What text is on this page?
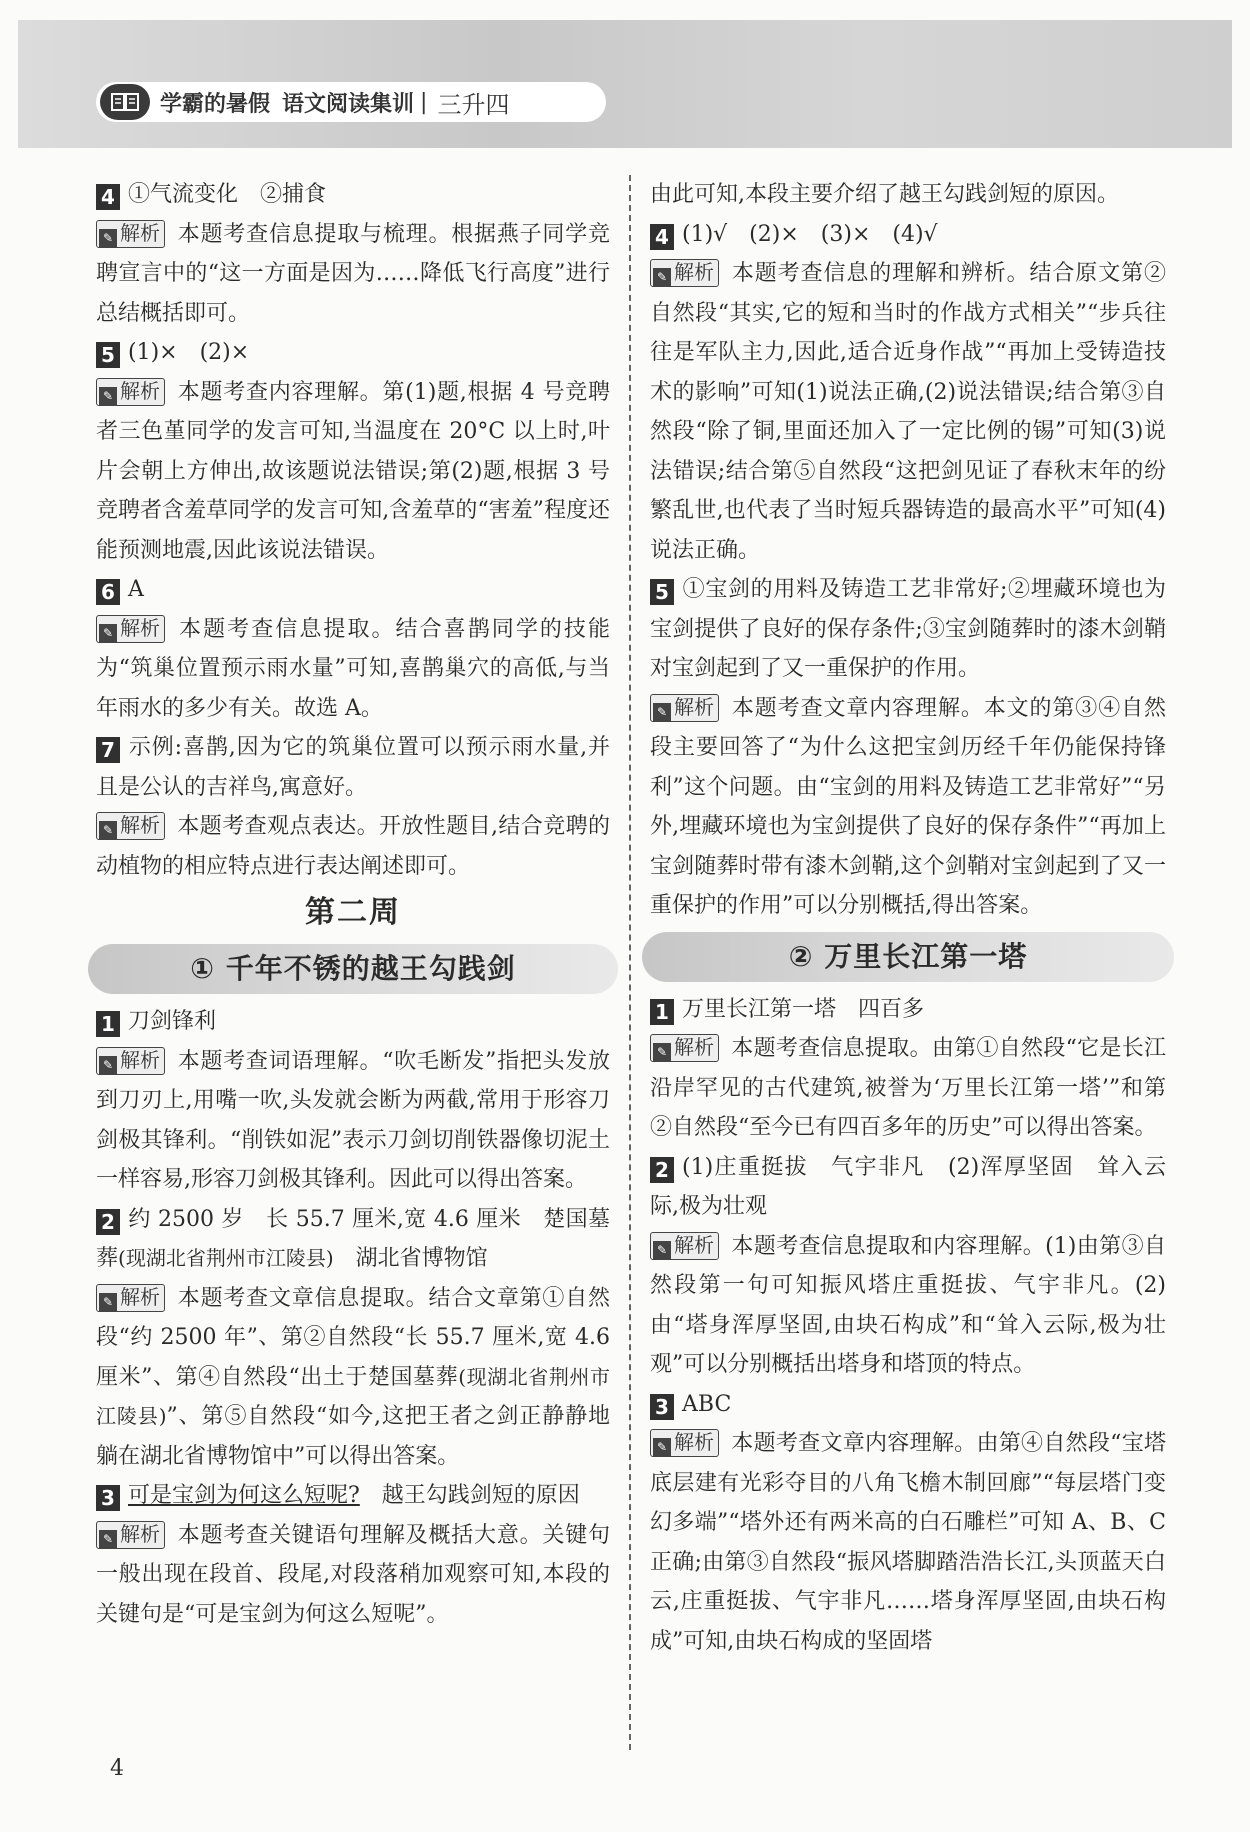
学霸的暑假 语文阅读集训 | 三升四

4 ①气流变化　②捕食

✎ 解析 本题考查信息提取与梳理。根据燕子同学竞聘宣言中的“这一方面是因为……降低飞行高度”进行总结概括即可。

5 (1)×　(2)×

✎ 解析 本题考查内容理解。第(1)题,根据 4 号竞聘者三色堇同学的发言可知,当温度在 20°C 以上时,叶片会朝上方伸出,故该题说法错误;第(2)题,根据 3 号竞聘者含羞草同学的发言可知,含羞草的“害羞”程度还能预测地震,因此该说法错误。

6 A

✎ 解析 本题考查信息提取。结合喜鹊同学的技能为“筑巢位置预示雨水量”可知,喜鹊巢穴的高低,与当年雨水的多少有关。故选 A。

7 示例:喜鹊,因为它的筑巢位置可以预示雨水量,并且是公认的吉祥鸟,寓意好。

✎ 解析 本题考查观点表达。开放性题目,结合竞聘的动植物的相应特点进行表达阐述即可。

第二周
① 千年不锈的越王勾践剑

1 刀剑锋利

✎ 解析 本题考查词语理解。“吹毛断发”指把头发放到刀刃上,用嘴一吹,头发就会断为两截,常用于形容刀剑极其锋利。“削铁如泥”表示刀剑切削铁器像切泥土一样容易,形容刀剑极其锋利。因此可以得出答案。

2 约 2500 岁　长 55.7 厘米,宽 4.6 厘米　楚国墓葬(现湖北省荆州市江陵县)　湖北省博物馆

✎ 解析 本题考查文章信息提取。结合文章第①自然段“约 2500 年”、第②自然段“长 55.7 厘米,宽 4.6 厘米”、第④自然段“出土于楚国墓葬(现湖北省荆州市江陵县)”、第⑤自然段“如今,这把王者之剑正静静地躺在湖北省博物馆中”可以得出答案。

3 可是宝剑为何这么短呢?　越王勾践剑短的原因

✎ 解析 本题考查关键语句理解及概括大意。关键句一般出现在段首、段尾,对段落稍加观察可知,本段的关键句是“可是宝剑为何这么短呢”。

由此可知,本段主要介绍了越王勾践剑短的原因。

4 (1)√　(2)×　(3)×　(4)√

✎ 解析 本题考查信息的理解和辨析。结合原文第②自然段“其实,它的短和当时的作战方式相关”“步兵往往是军队主力,因此,适合近身作战”“再加上受铸造技术的影响”可知(1)说法正确,(2)说法错误;结合第③自然段“除了铜,里面还加入了一定比例的锡”可知(3)说法错误;结合第⑤自然段“这把剑见证了春秋末年的纷繁乱世,也代表了当时短兵器铸造的最高水平”可知(4)说法正确。

5 ①宝剑的用料及铸造工艺非常好;②埋藏环境也为宝剑提供了良好的保存条件;③宝剑随葬时的漆木剑鞘对宝剑起到了又一重保护的作用。

✎ 解析 本题考查文章内容理解。本文的第③④自然段主要回答了“为什么这把宝剑历经千年仍能保持锋利”这个问题。由“宝剑的用料及铸造工艺非常好”“另外,埋藏环境也为宝剑提供了良好的保存条件”“再加上宝剑随葬时带有漆木剑鞘,这个剑鞘对宝剑起到了又一重保护的作用”可以分别概括,得出答案。

② 万里长江第一塔

1 万里长江第一塔　四百多

✎ 解析 本题考查信息提取。由第①自然段“它是长江沿岸罕见的古代建筑,被誉为‘万里长江第一塔’”和第②自然段“至今已有四百多年的历史”可以得出答案。

2 (1)庄重挺拔　气宇非凡　(2)浑厚坚固　耸入云际,极为壮观

✎ 解析 本题考查信息提取和内容理解。(1)由第③自然段第一句可知振风塔庄重挺拔、气宇非凡。(2)由“塔身浑厚坚固,由块石构成”和“耸入云际,极为壮观”可以分别概括出塔身和塔顶的特点。

3 ABC

✎ 解析 本题考查文章内容理解。由第④自然段“宝塔底层建有光彩夺目的八角飞檐木制回廊”“每层塔门变幻多端”“塔外还有两米高的白石雕栏”可知 A、B、C 正确;由第③自然段“振风塔脚踏浩浩长江,头顶蓝天白云,庄重挺拔、气宇非凡……塔身浑厚坚固,由块石构成”可知,由块石构成的坚固塔

4
